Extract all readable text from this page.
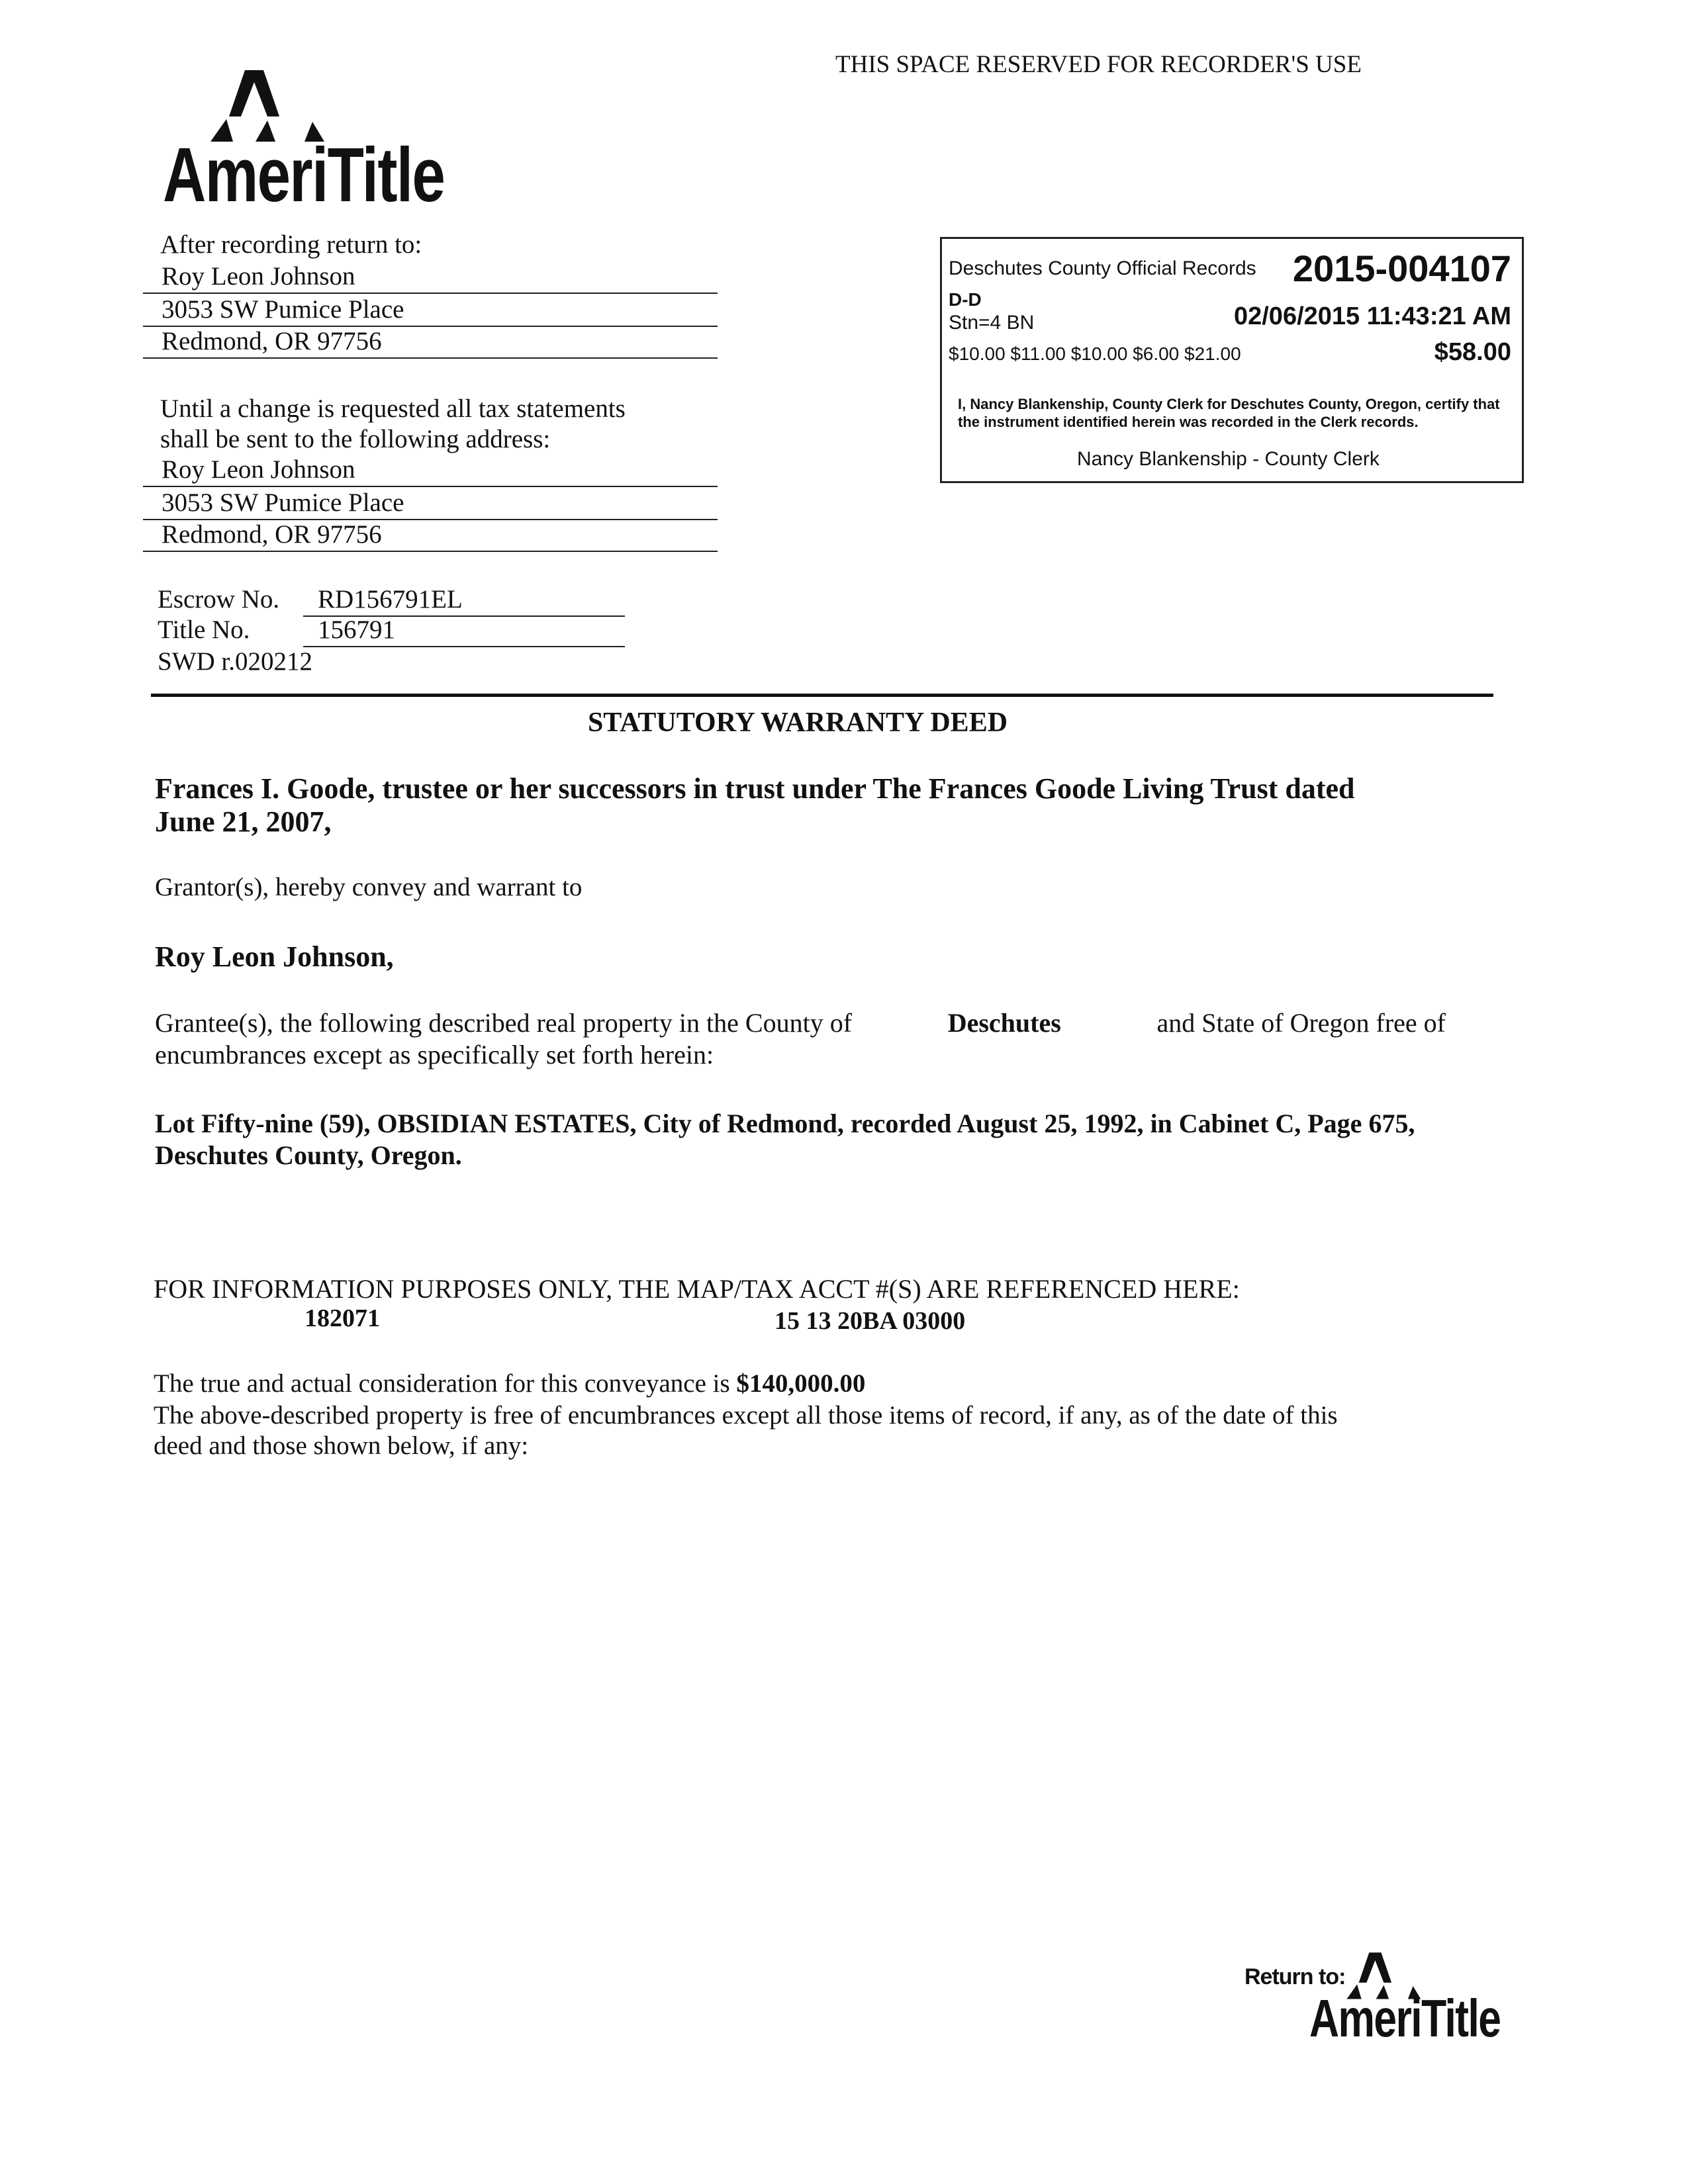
THIS SPACE RESERVED FOR RECORDER'S USE
AmeriTitle
After recording return to:
Roy Leon Johnson
3053 SW Pumice Place
Redmond, OR 97756
Until a change is requested all tax statements
shall be sent to the following address:
Roy Leon Johnson
3053 SW Pumice Place
Redmond, OR 97756
Escrow No.	RD156791EL
Title No.	156791
SWD r.020212
Deschutes County Official Records 2015-004107
D-D
Stn=4 BN	02/06/2015 11:43:21 AM
$10.00 $11.00 $10.00 $6.00 $21.00	$58.00
I, Nancy Blankenship, County Clerk for Deschutes County, Oregon, certify that the instrument identified herein was recorded in the Clerk records.
Nancy Blankenship - County Clerk
STATUTORY WARRANTY DEED
Frances I. Goode, trustee or her successors in trust under The Frances Goode Living Trust dated
June 21, 2007,
Grantor(s), hereby convey and warrant to
Roy Leon Johnson,
Grantee(s), the following described real property in the County of	Deschutes	and State of Oregon free of
encumbrances except as specifically set forth herein:
Lot Fifty-nine (59), OBSIDIAN ESTATES, City of Redmond, recorded August 25, 1992, in Cabinet C, Page 675,
Deschutes County, Oregon.
FOR INFORMATION PURPOSES ONLY, THE MAP/TAX ACCT #(S) ARE REFERENCED HERE:
182071	15 13 20BA 03000
The true and actual consideration for this conveyance is $140,000.00
The above-described property is free of encumbrances except all those items of record, if any, as of the date of this
deed and those shown below, if any:
Return to:
AmeriTitle
